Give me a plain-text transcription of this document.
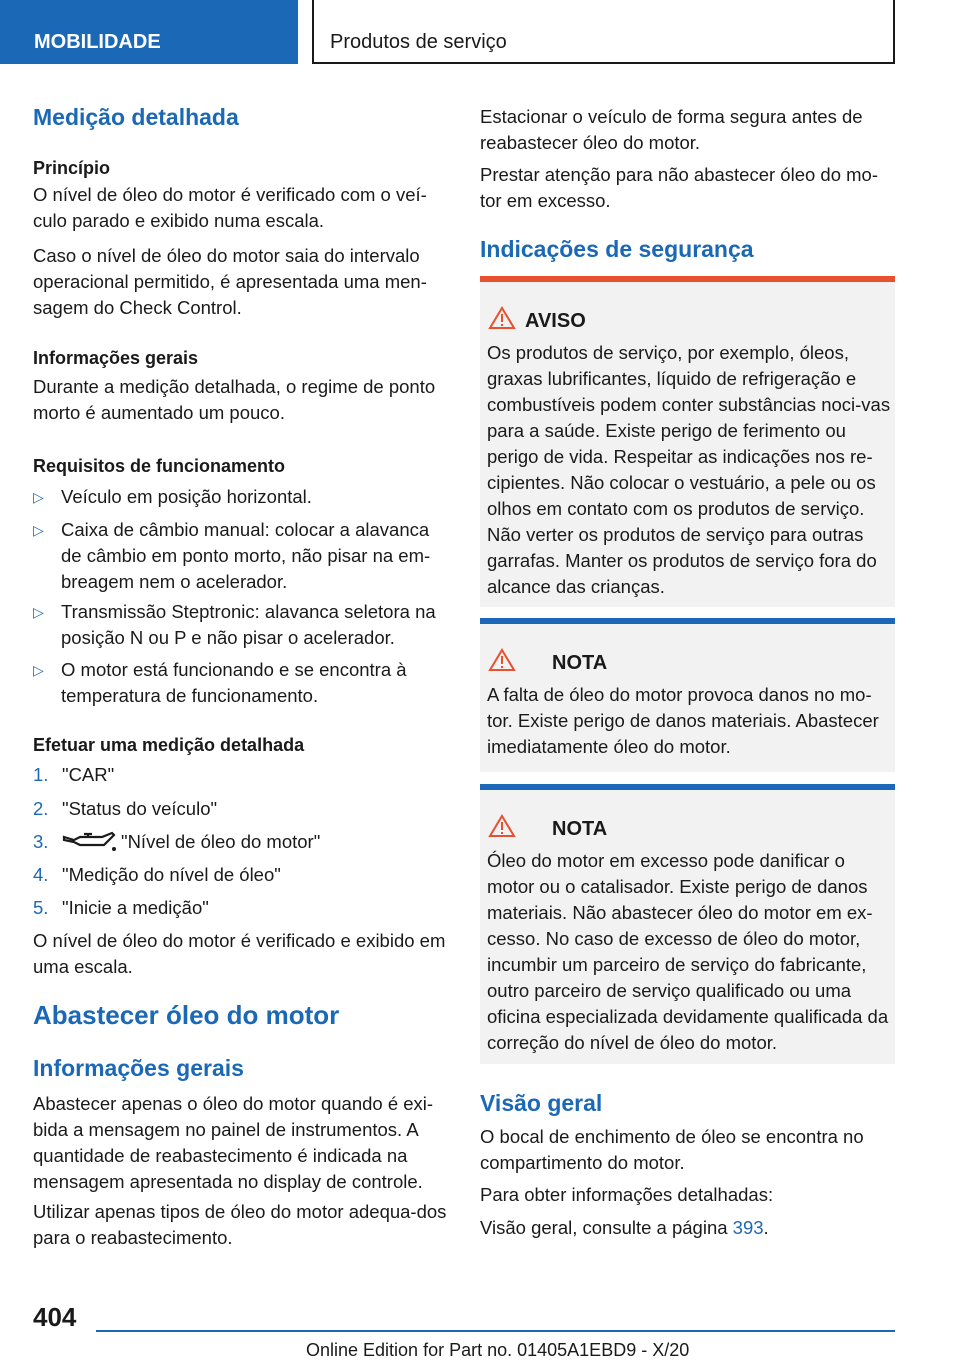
MOBILIDADE	Produtos de serviço
Medição detalhada
Princípio
O nível de óleo do motor é verificado com o veí-culo parado e exibido numa escala.
Caso o nível de óleo do motor saia do intervalo operacional permitido, é apresentada uma men-sagem do Check Control.
Informações gerais
Durante a medição detalhada, o regime de ponto morto é aumentado um pouco.
Requisitos de funcionamento
▷ Veículo em posição horizontal.
▷ Caixa de câmbio manual: colocar a alavanca de câmbio em ponto morto, não pisar na em-breagem nem o acelerador.
▷ Transmissão Steptronic: alavanca seletora na posição N ou P e não pisar o acelerador.
▷ O motor está funcionando e se encontra à temperatura de funcionamento.
Efetuar uma medição detalhada
1. "CAR"
2. "Status do veículo"
3.	"Nível de óleo do motor"
4. "Medição do nível de óleo"
5. "Inicie a medição"
O nível de óleo do motor é verificado e exibido em uma escala.
Abastecer óleo do motor
Informações gerais
Abastecer apenas o óleo do motor quando é exi-bida a mensagem no painel de instrumentos. A quantidade de reabastecimento é indicada na mensagem apresentada no display de controle.
Utilizar apenas tipos de óleo do motor adequa-dos para o reabastecimento.
Estacionar o veículo de forma segura antes de reabastecer óleo do motor.
Prestar atenção para não abastecer óleo do mo-tor em excesso.
Indicações de segurança
AVISO
Os produtos de serviço, por exemplo, óleos, graxas lubrificantes, líquido de refrigeração e combustíveis podem conter substâncias noci-vas para a saúde. Existe perigo de ferimento ou perigo de vida. Respeitar as indicações nos re-cipientes. Não colocar o vestuário, a pele ou os olhos em contato com os produtos de serviço. Não verter os produtos de serviço para outras garrafas. Manter os produtos de serviço fora do alcance das crianças.
NOTA
A falta de óleo do motor provoca danos no mo-tor. Existe perigo de danos materiais. Abastecer imediatamente óleo do motor.
NOTA
Óleo do motor em excesso pode danificar o motor ou o catalisador. Existe perigo de danos materiais. Não abastecer óleo do motor em ex-cesso. No caso de excesso de óleo do motor, incumbir um parceiro de serviço do fabricante, outro parceiro de serviço qualificado ou uma oficina especializada devidamente qualificada da correção do nível de óleo do motor.
Visão geral
O bocal de enchimento de óleo se encontra no compartimento do motor.
Para obter informações detalhadas:
Visão geral, consulte a página 393.
404
Online Edition for Part no. 01405A1EBD9 - X/20
